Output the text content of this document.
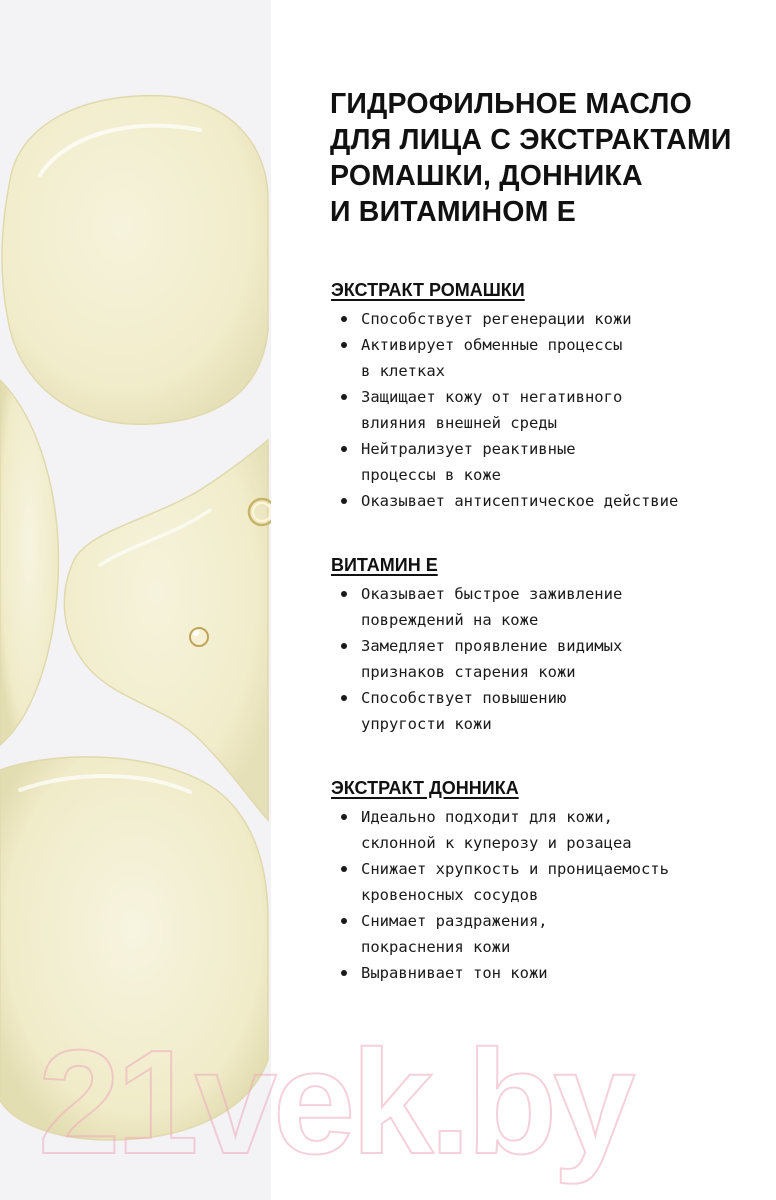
ГИДРОФИЛЬНОЕ МАСЛО
ДЛЯ ЛИЦА С ЭКСТРАКТАМИ
РОМАШКИ, ДОННИКА
И ВИТАМИНОМ Е
ЭКСТРАКТ РОМАШКИ
Способствует регенерации кожи
Активирует обменные процессы
в клетках
Защищает кожу от негативного
влияния внешней среды
Нейтрализует реактивные
процессы в коже
Оказывает антисептическое действие
ВИТАМИН Е
Оказывает быстрое заживление
повреждений на коже
Замедляет проявление видимых
признаков старения кожи
Способствует повышению
упругости кожи
ЭКСТРАКТ ДОННИКА
Идеально подходит для кожи,
склонной к куперозу и розацеа
Снижает хрупкость и проницаемость
кровеносных сосудов
Снимает раздражения,
покраснения кожи
Выравнивает тон кожи
21vek.by
